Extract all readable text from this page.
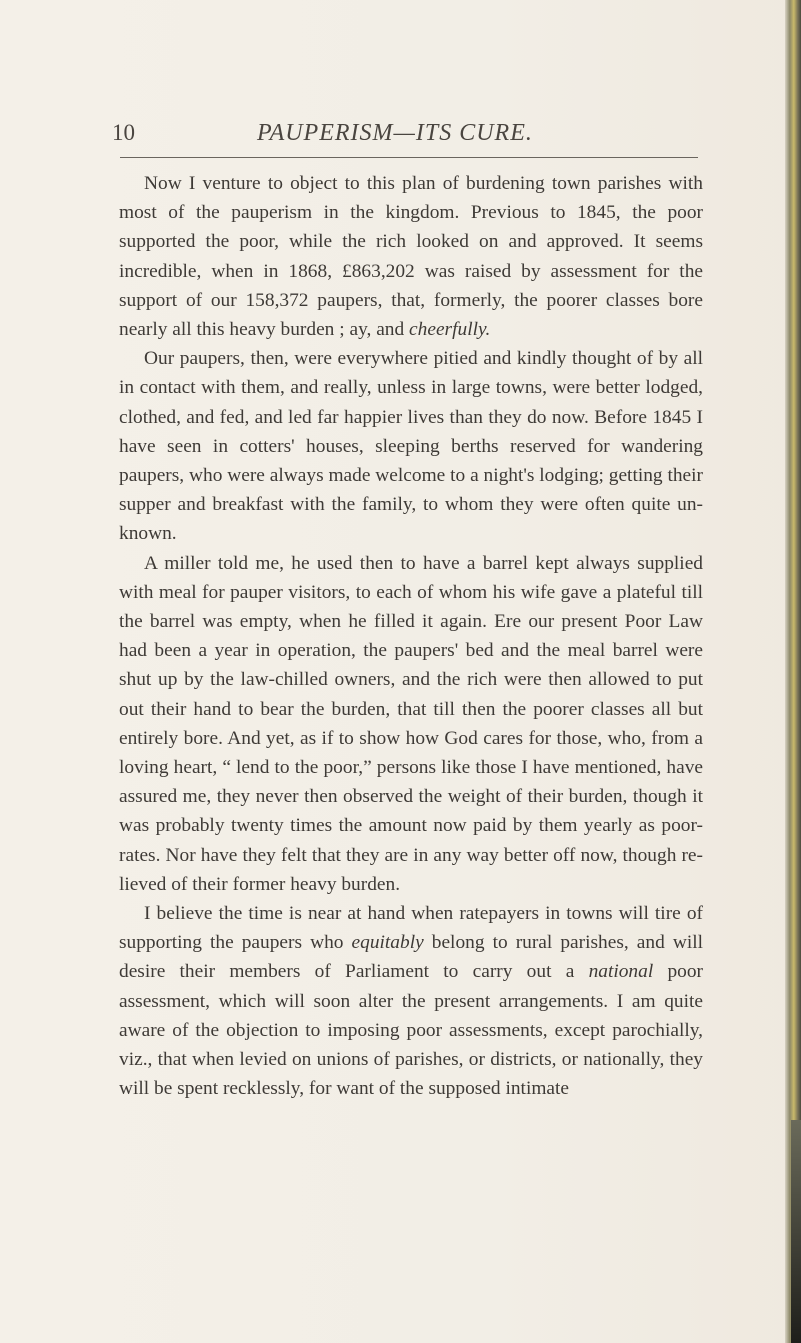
10	PAUPERISM—ITS CURE.

Now I venture to object to this plan of burdening town parishes with most of the pauperism in the kingdom. Previous to 1845, the poor supported the poor, while the rich looked on and approved. It seems incredible, when in 1868, £863,202 was raised by assessment for the support of our 158,372 paupers, that, formerly, the poorer classes bore nearly all this heavy burden ; ay, and cheerfully.

Our paupers, then, were everywhere pitied and kindly thought of by all in contact with them, and really, unless in large towns, were better lodged, clothed, and fed, and led far happier lives than they do now. Before 1845 I have seen in cotters' houses, sleeping berths reserved for wandering paupers, who were always made welcome to a night's lodging; getting their supper and breakfast with the family, to whom they were often quite un-known.

A miller told me, he used then to have a barrel kept always supplied with meal for pauper visitors, to each of whom his wife gave a plateful till the barrel was empty, when he filled it again. Ere our present Poor Law had been a year in operation, the paupers' bed and the meal barrel were shut up by the law-chilled owners, and the rich were then allowed to put out their hand to bear the burden, that till then the poorer classes all but entirely bore. And yet, as if to show how God cares for those, who, from a loving heart, “ lend to the poor,” persons like those I have mentioned, have assured me, they never then observed the weight of their burden, though it was probably twenty times the amount now paid by them yearly as poor-rates. Nor have they felt that they are in any way better off now, though re-lieved of their former heavy burden.

I believe the time is near at hand when ratepayers in towns will tire of supporting the paupers who equitably belong to rural parishes, and will desire their members of Parliament to carry out a national poor assessment, which will soon alter the present arrangements. I am quite aware of the objection to imposing poor assessments, except parochially, viz., that when levied on unions of parishes, or districts, or nationally, they will be spent recklessly, for want of the supposed intimate
